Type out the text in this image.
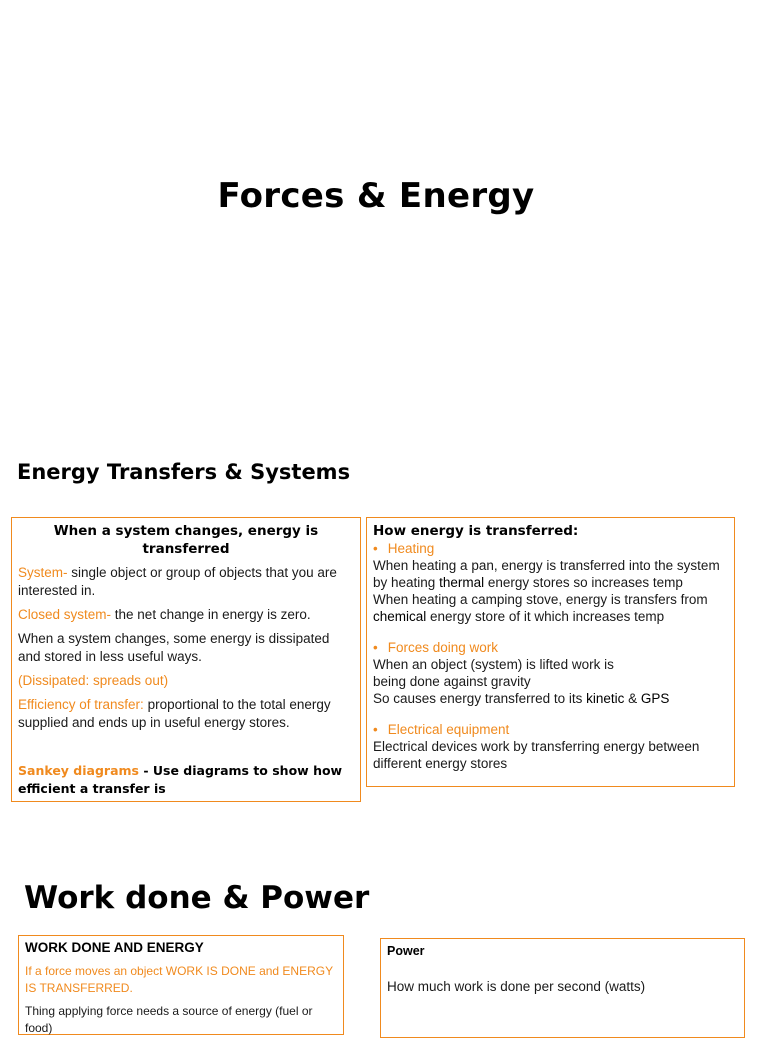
Forces & Energy
Energy Transfers & Systems
When a system changes, energy is transferred

System- single object or group of objects that you are interested in.

Closed system- the net change in energy is zero.

When a system changes, some energy is dissipated and stored in less useful ways.

(Dissipated: spreads out)

Efficiency of transfer: proportional to the total energy supplied and ends up in useful energy stores.

Sankey diagrams - Use diagrams to show how efficient a transfer is

How energy is transferred:
• Heating

When heating a pan, energy is transferred into the system

by heating thermal energy stores so increases temp

When heating a camping stove, energy is transfers from

chemical energy store of it which increases temp

• Forces doing work

When an object (system) is lifted work is

being done against gravity

So causes energy transferred to its kinetic & GPS

• Electrical equipment

Electrical devices work by transferring energy between

different energy stores

Work done & Power
WORK DONE AND ENERGY

If a force moves an object WORK IS DONE and ENERGY IS TRANSFERRED.

Thing applying force needs a source of energy (fuel or food)

Power

How much work is done per second (watts)
